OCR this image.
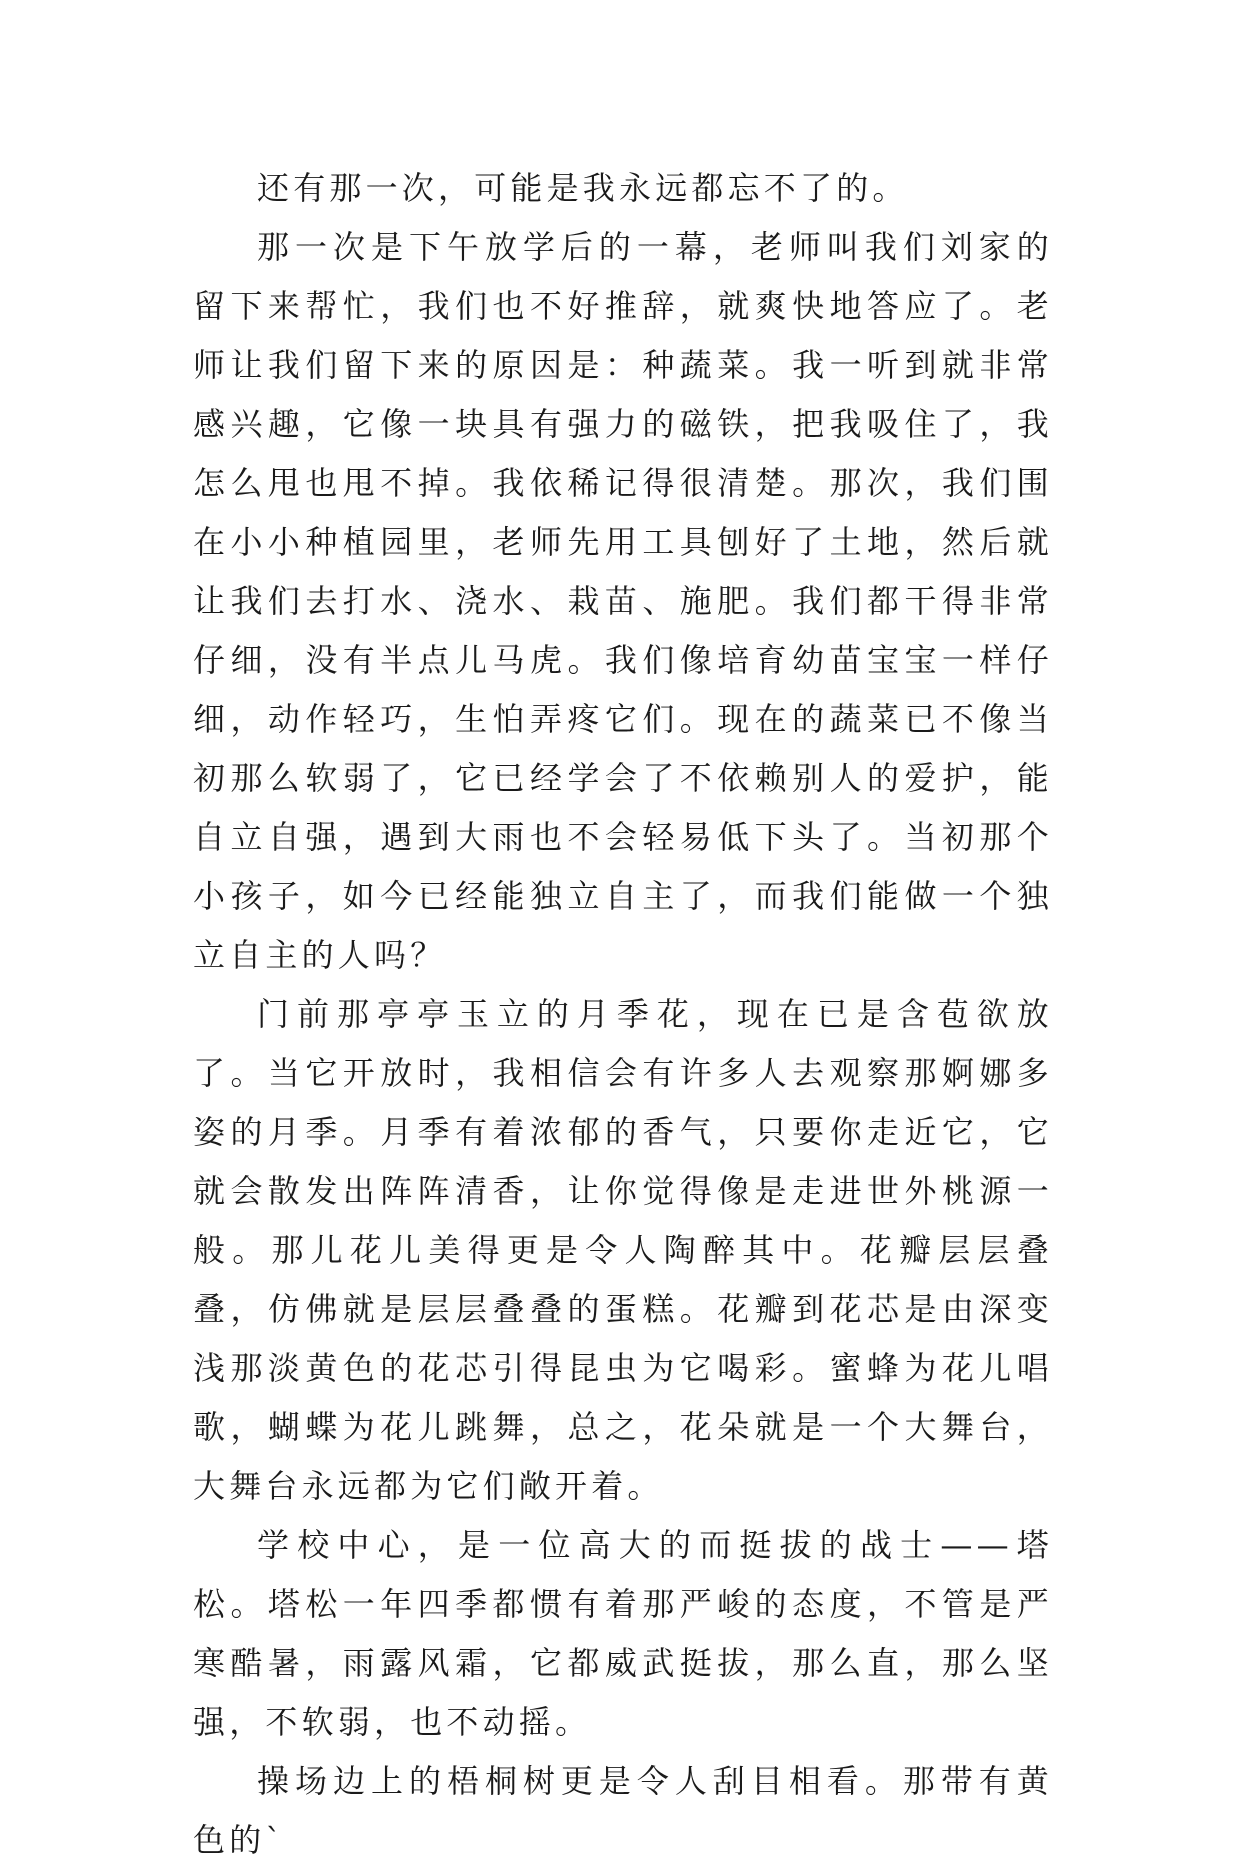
还有那一次，可能是我永远都忘不了的。

那一次是下午放学后的一幕，老师叫我们刘家的留下来帮忙，我们也不好推辞，就爽快地答应了。老师让我们留下来的原因是：种蔬菜。我一听到就非常感兴趣，它像一块具有强力的磁铁，把我吸住了，我怎么甩也甩不掉。我依稀记得很清楚。那次，我们围在小小种植园里，老师先用工具刨好了土地，然后就让我们去打水、浇水、栽苗、施肥。我们都干得非常仔细，没有半点儿马虎。我们像培育幼苗宝宝一样仔细，动作轻巧，生怕弄疼它们。现在的蔬菜已不像当初那么软弱了，它已经学会了不依赖别人的爱护，能自立自强，遇到大雨也不会轻易低下头了。当初那个小孩子，如今已经能独立自主了，而我们能做一个独立自主的人吗？

门前那亭亭玉立的月季花，现在已是含苞欲放了。当它开放时，我相信会有许多人去观察那婀娜多姿的月季。月季有着浓郁的香气，只要你走近它，它就会散发出阵阵清香，让你觉得像是走进世外桃源一般。那儿花儿美得更是令人陶醉其中。花瓣层层叠叠，仿佛就是层层叠叠的蛋糕。花瓣到花芯是由深变浅那淡黄色的花芯引得昆虫为它喝彩。蜜蜂为花儿唱歌，蝴蝶为花儿跳舞，总之，花朵就是一个大舞台，大舞台永远都为它们敞开着。

学校中心，是一位高大的而挺拔的战士——塔松。塔松一年四季都惯有着那严峻的态度，不管是严寒酷暑，雨露风霜，它都威武挺拔，那么直，那么坚强，不软弱，也不动摇。

操场边上的梧桐树更是令人刮目相看。那带有黄色的`
